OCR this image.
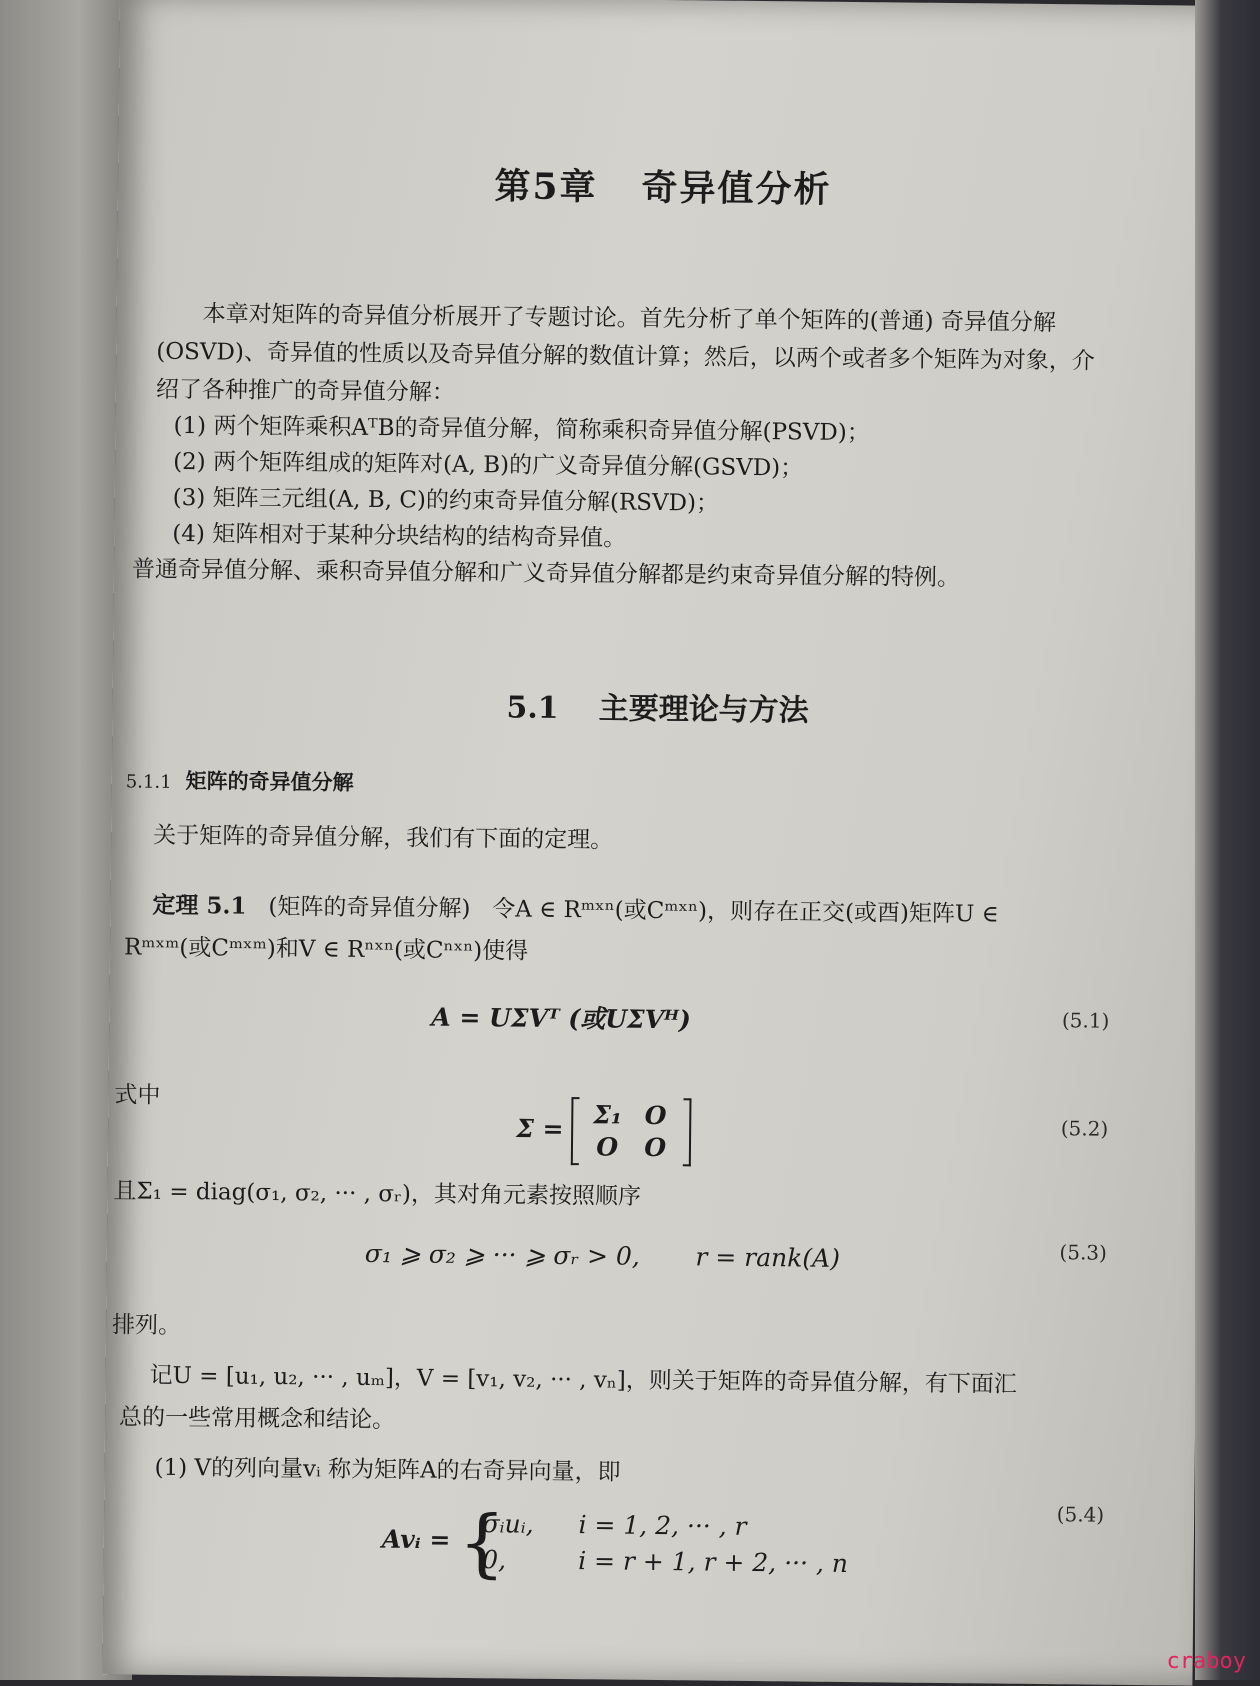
第5章 奇异值分析
本章对矩阵的奇异值分析展开了专题讨论。首先分析了单个矩阵的(普通) 奇异值分解(OSVD)、奇异值的性质以及奇异值分解的数值计算；然后，以两个或者多个矩阵为对象，介绍了各种推广的奇异值分解：
(1) 两个矩阵乘积AᵀB的奇异值分解，简称乘积奇异值分解(PSVD)；
(2) 两个矩阵组成的矩阵对(A, B)的广义奇异值分解(GSVD)；
(3) 矩阵三元组(A, B, C)的约束奇异值分解(RSVD)；
(4) 矩阵相对于某种分块结构的结构奇异值。
普通奇异值分解、乘积奇异值分解和广义奇异值分解都是约束奇异值分解的特例。
5.1 主要理论与方法
5.1.1 矩阵的奇异值分解
关于矩阵的奇异值分解，我们有下面的定理。
定理 5.1 (矩阵的奇异值分解) 令A ∈ Rᵐˣⁿ(或Cᵐˣⁿ)，则存在正交(或酉)矩阵U ∈
Rᵐˣᵐ(或Cᵐˣᵐ)和V ∈ Rⁿˣⁿ(或Cⁿˣⁿ)使得
A = UΣVᵀ (或UΣVᴴ)	(5.1)
式中
Σ =	Σ₁ O
O O
(5.2)
且Σ₁ = diag(σ₁, σ₂, ··· , σᵣ)，其对角元素按照顺序
σ₁ ⩾ σ₂ ⩾ ··· ⩾ σᵣ > 0, r = rank(A)	(5.3)
排列。
记U = [u₁, u₂, ··· , uₘ]，V = [v₁, v₂, ··· , vₙ]，则关于矩阵的奇异值分解，有下面汇
总的一些常用概念和结论。
(1) V的列向量vᵢ 称为矩阵A的右奇异向量，即
Avᵢ =
{ σᵢuᵢ, i = 1, 2, ··· , r
0,	i = r + 1, r + 2, ··· , n
(5.4)
craboy
